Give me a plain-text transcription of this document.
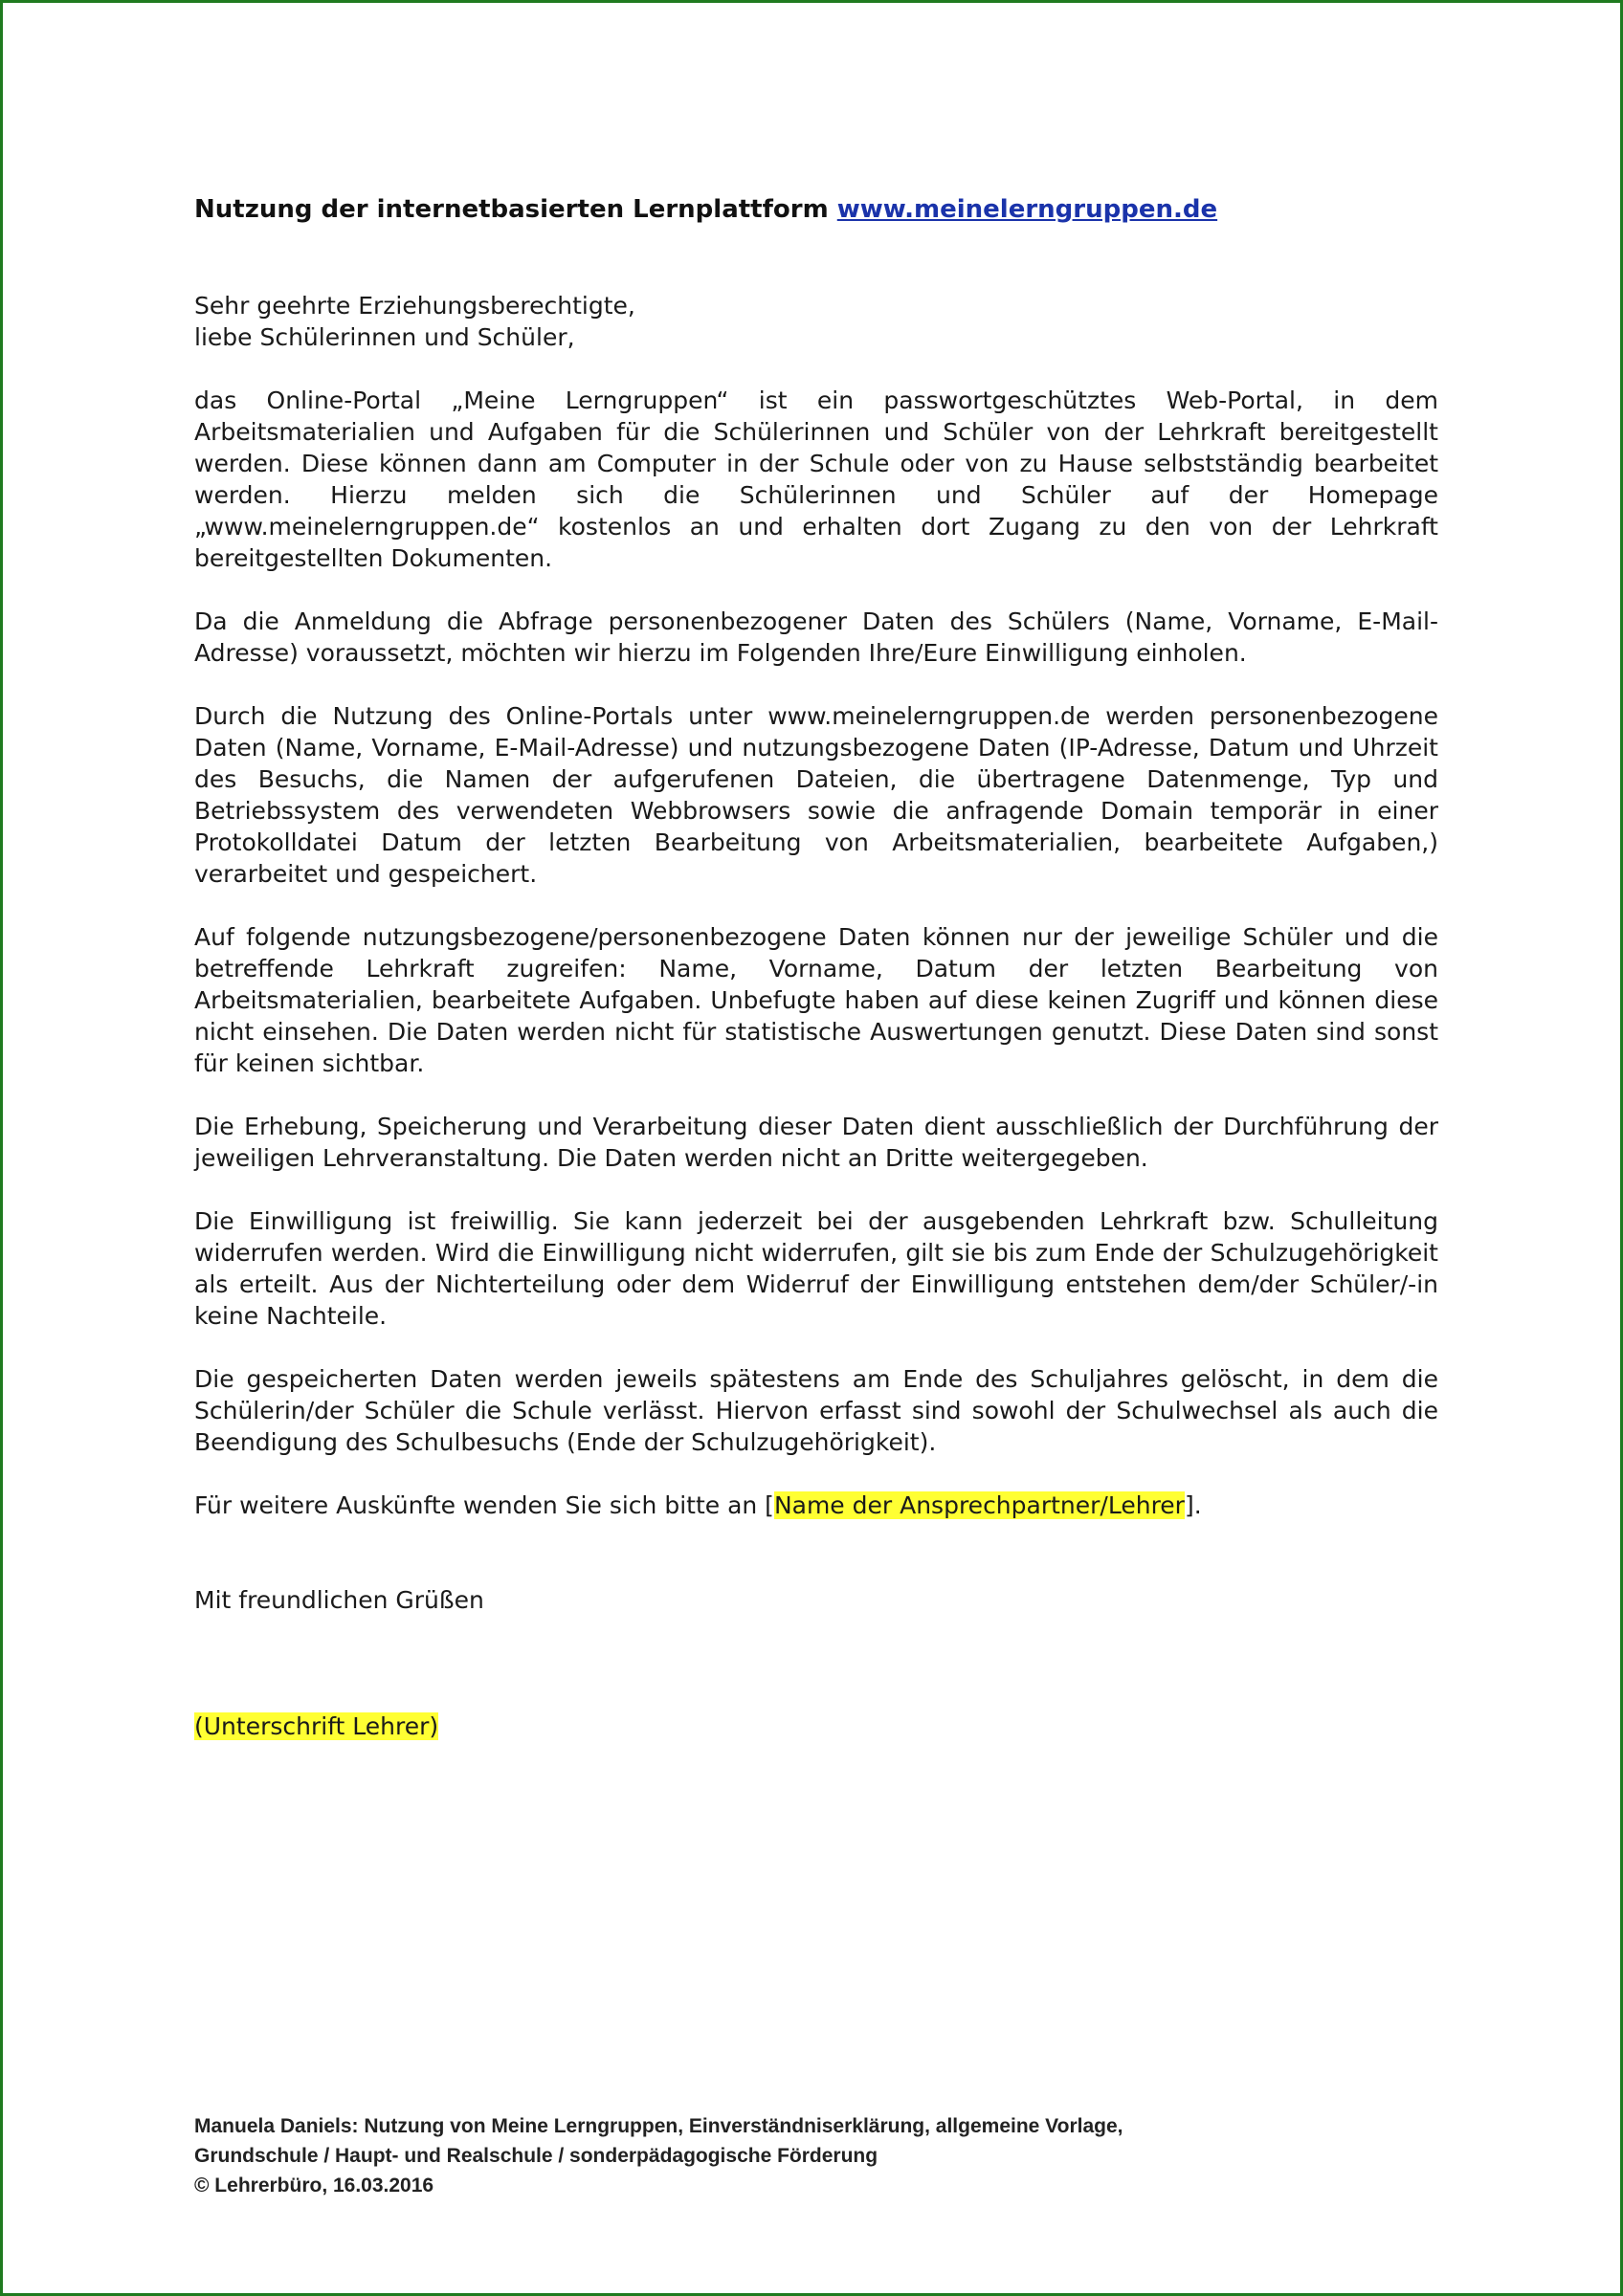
Nutzung der internetbasierten Lernplattform www.meinelerngruppen.de
Sehr geehrte Erziehungsberechtigte,
liebe Schülerinnen und Schüler,

das Online-Portal „Meine Lerngruppen“ ist ein passwortgeschütztes Web-Portal, in dem Arbeitsmaterialien und Aufgaben für die Schülerinnen und Schüler von der Lehrkraft bereitgestellt werden. Diese können dann am Computer in der Schule oder von zu Hause selbstständig bearbeitet werden. Hierzu melden sich die Schülerinnen und Schüler auf der Homepage „www.meinelerngruppen.de“ kostenlos an und erhalten dort Zugang zu den von der Lehrkraft bereitgestellten Dokumenten.

Da die Anmeldung die Abfrage personenbezogener Daten des Schülers (Name, Vorname, E-Mail-Adresse) voraussetzt, möchten wir hierzu im Folgenden Ihre/Eure Einwilligung einholen.

Durch die Nutzung des Online-Portals unter www.meinelerngruppen.de werden personenbezogene Daten (Name, Vorname, E-Mail-Adresse) und nutzungsbezogene Daten (IP-Adresse, Datum und Uhrzeit des Besuchs, die Namen der aufgerufenen Dateien, die übertragene Datenmenge, Typ und Betriebssystem des verwendeten Webbrowsers sowie die anfragende Domain temporär in einer Protokolldatei Datum der letzten Bearbeitung von Arbeitsmaterialien, bearbeitete Aufgaben,) verarbeitet und gespeichert.

Auf folgende nutzungsbezogene/personenbezogene Daten können nur der jeweilige Schüler und die betreffende Lehrkraft zugreifen: Name, Vorname, Datum der letzten Bearbeitung von Arbeitsmaterialien, bearbeitete Aufgaben. Unbefugte haben auf diese keinen Zugriff und können diese nicht einsehen. Die Daten werden nicht für statistische Auswertungen genutzt. Diese Daten sind sonst für keinen sichtbar.

Die Erhebung, Speicherung und Verarbeitung dieser Daten dient ausschließlich der Durchführung der jeweiligen Lehrveranstaltung. Die Daten werden nicht an Dritte weitergegeben.

Die Einwilligung ist freiwillig. Sie kann jederzeit bei der ausgebenden Lehrkraft bzw. Schulleitung widerrufen werden. Wird die Einwilligung nicht widerrufen, gilt sie bis zum Ende der Schulzugehörigkeit als erteilt. Aus der Nichterteilung oder dem Widerruf der Einwilligung entstehen dem/der Schüler/-in keine Nachteile.

Die gespeicherten Daten werden jeweils spätestens am Ende des Schuljahres gelöscht, in dem die Schülerin/der Schüler die Schule verlässt. Hiervon erfasst sind sowohl der Schulwechsel als auch die Beendigung des Schulbesuchs (Ende der Schulzugehörigkeit).

Für weitere Auskünfte wenden Sie sich bitte an [Name der Ansprechpartner/Lehrer].

Mit freundlichen Grüßen
(Unterschrift Lehrer)
Manuela Daniels: Nutzung von Meine Lerngruppen, Einverständniserklärung, allgemeine Vorlage,
Grundschule / Haupt- und Realschule / sonderpädagogische Förderung
© Lehrerbüro, 16.03.2016
